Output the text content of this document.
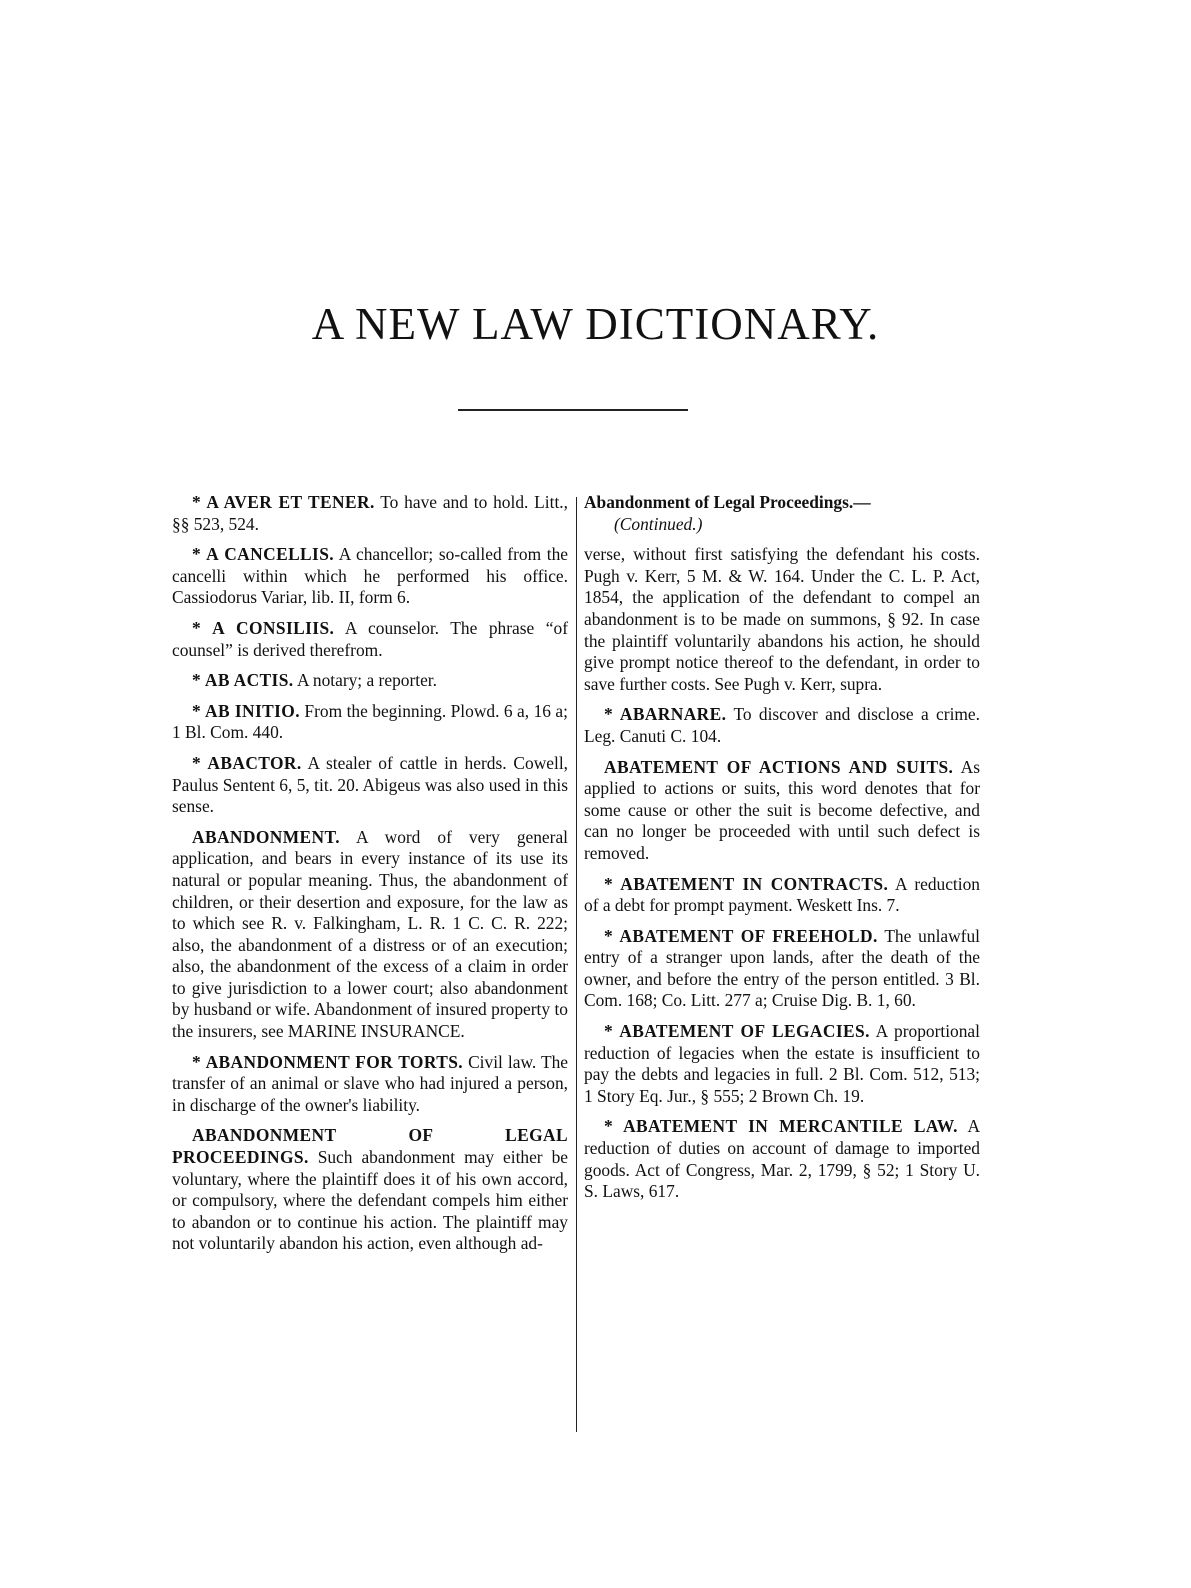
A NEW LAW DICTIONARY.

* A AVER ET TENER. To have and to hold. Litt., §§ 523, 524.

* A CANCELLIS. A chancellor; so-called from the cancelli within which he performed his office. Cassiodorus Variar, lib. II, form 6.

* A CONSILIIS. A counselor. The phrase “of counsel” is derived therefrom.

* AB ACTIS. A notary; a reporter.

* AB INITIO. From the beginning. Plowd. 6 a, 16 a; 1 Bl. Com. 440.

* ABACTOR. A stealer of cattle in herds. Cowell, Paulus Sentent 6, 5, tit. 20. Abigeus was also used in this sense.

ABANDONMENT. A word of very general application, and bears in every instance of its use its natural or popular meaning. Thus, the abandonment of children, or their desertion and exposure, for the law as to which see R. v. Falkingham, L. R. 1 C. C. R. 222; also, the abandonment of a distress or of an execution; also, the abandonment of the excess of a claim in order to give jurisdiction to a lower court; also abandonment by husband or wife. Abandonment of insured property to the insurers, see MARINE INSURANCE.

* ABANDONMENT FOR TORTS. Civil law. The transfer of an animal or slave who had injured a person, in discharge of the owner's liability.

ABANDONMENT OF LEGAL PROCEEDINGS. Such abandonment may either be voluntary, where the plaintiff does it of his own accord, or compulsory, where the defendant compels him either to abandon or to continue his action. The plaintiff may not voluntarily abandon his action, even although ad-

Abandonment of Legal Proceedings.—

(Continued.)

verse, without first satisfying the defendant his costs. Pugh v. Kerr, 5 M. & W. 164. Under the C. L. P. Act, 1854, the application of the defendant to compel an abandonment is to be made on summons, § 92. In case the plaintiff voluntarily abandons his action, he should give prompt notice thereof to the defendant, in order to save further costs. See Pugh v. Kerr, supra.

* ABARNARE. To discover and disclose a crime. Leg. Canuti C. 104.

ABATEMENT OF ACTIONS AND SUITS. As applied to actions or suits, this word denotes that for some cause or other the suit is become defective, and can no longer be proceeded with until such defect is removed.

* ABATEMENT IN CONTRACTS. A reduction of a debt for prompt payment. Weskett Ins. 7.

* ABATEMENT OF FREEHOLD. The unlawful entry of a stranger upon lands, after the death of the owner, and before the entry of the person entitled. 3 Bl. Com. 168; Co. Litt. 277 a; Cruise Dig. B. 1, 60.

* ABATEMENT OF LEGACIES. A proportional reduction of legacies when the estate is insufficient to pay the debts and legacies in full. 2 Bl. Com. 512, 513; 1 Story Eq. Jur., § 555; 2 Brown Ch. 19.

* ABATEMENT IN MERCANTILE LAW. A reduction of duties on account of damage to imported goods. Act of Congress, Mar. 2, 1799, § 52; 1 Story U. S. Laws, 617.
